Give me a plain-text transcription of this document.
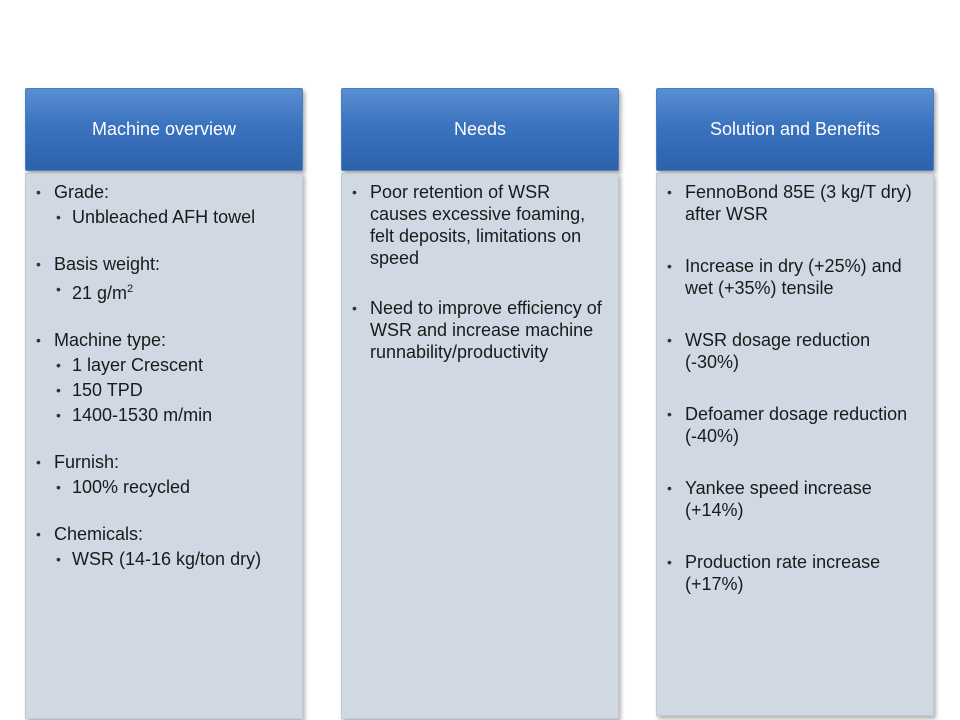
Machine overview
• Grade:
• Unbleached AFH towel
• Basis weight:
• 21 $g/m^2$
• Machine type:
• 1 layer Crescent
• 150 TPD
• 1400-1530 m/min
• Furnish:
• 100% recycled
• Chemicals:
• WSR (14-16 kg/ton dry)
Needs
• Poor retention of WSR causes excessive foaming, felt deposits, limitations on speed
• Need to improve efficiency of WSR and increase machine runnability/productivity
Solution and Benefits
• FennoBond 85E (3 kg/T dry) after WSR
• Increase in dry (+25%) and wet (+35%) tensile
• WSR dosage reduction (-30%)
• Defoamer dosage reduction (-40%)
• Yankee speed increase (+14%)
• Production rate increase (+17%)
